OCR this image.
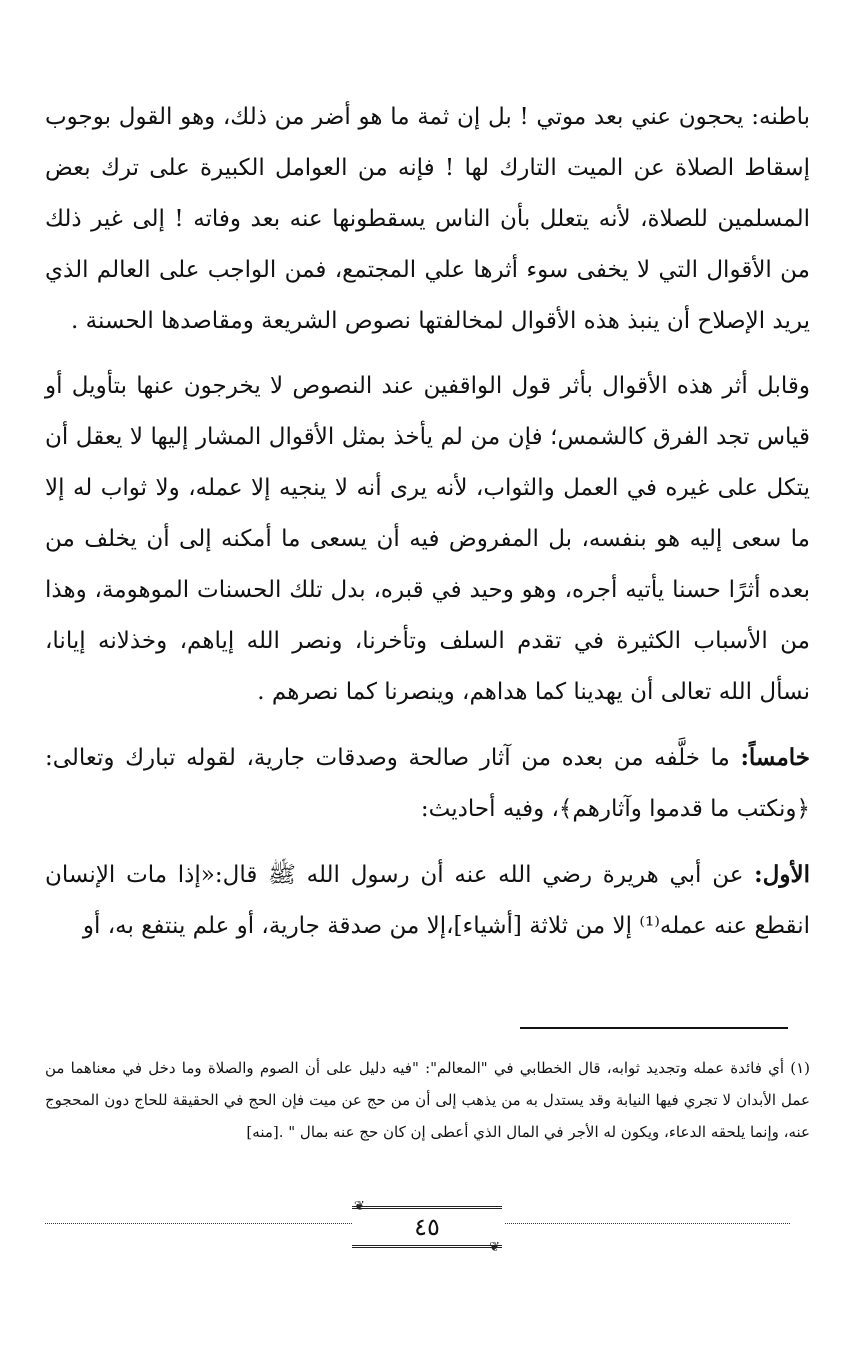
باطنه: يحجون عني بعد موتي ! بل إن ثمة ما هو أضر من ذلك، وهو القول بوجوب إسقاط الصلاة عن الميت التارك لها ! فإنه من العوامل الكبيرة على ترك بعض المسلمين للصلاة، لأنه يتعلل بأن الناس يسقطونها عنه بعد وفاته ! إلى غير ذلك من الأقوال التي لا يخفى سوء أثرها علي المجتمع، فمن الواجب على العالم الذي يريد الإصلاح أن ينبذ هذه الأقوال لمخالفتها نصوص الشريعة ومقاصدها الحسنة .

وقابل أثر هذه الأقوال بأثر قول الواقفين عند النصوص لا يخرجون عنها بتأويل أو قياس تجد الفرق كالشمس؛ فإن من لم يأخذ بمثل الأقوال المشار إليها لا يعقل أن يتكل على غيره في العمل والثواب، لأنه يرى أنه لا ينجيه إلا عمله، ولا ثواب له إلا ما سعى إليه هو بنفسه، بل المفروض فيه أن يسعى ما أمكنه إلى أن يخلف من بعده أثرًا حسنا يأتيه أجره، وهو وحيد في قبره، بدل تلك الحسنات الموهومة، وهذا من الأسباب الكثيرة في تقدم السلف وتأخرنا، ونصر الله إياهم، وخذلانه إيانا، نسأل الله تعالى أن يهدينا كما هداهم، وينصرنا كما نصرهم .

خامساً: ما خلَّفه من بعده من آثار صالحة وصدقات جارية، لقوله تبارك وتعالى: ﴿ونكتب ما قدموا وآثارهم﴾، وفيه أحاديث:

الأول: عن أبي هريرة رضي الله عنه أن رسول الله ﷺ قال:«إذا مات الإنسان انقطع عنه عمله⁽¹⁾ إلا من ثلاثة [أشياء]،إلا من صدقة جارية، أو علم ينتفع به، أو

(١) أي فائدة عمله وتجديد ثوابه، قال الخطابي في "المعالم": "فيه دليل على أن الصوم والصلاة وما دخل في معناهما من عمل الأبدان لا تجري فيها النيابة وقد يستدل به من يذهب إلى أن من حج عن ميت فإن الحج في الحقيقة للحاج دون المحجوج عنه، وإنما يلحقه الدعاء، ويكون له الأجر في المال الذي أعطى إن كان حج عنه بمال " .[منه]

❦
٤٥
❦
